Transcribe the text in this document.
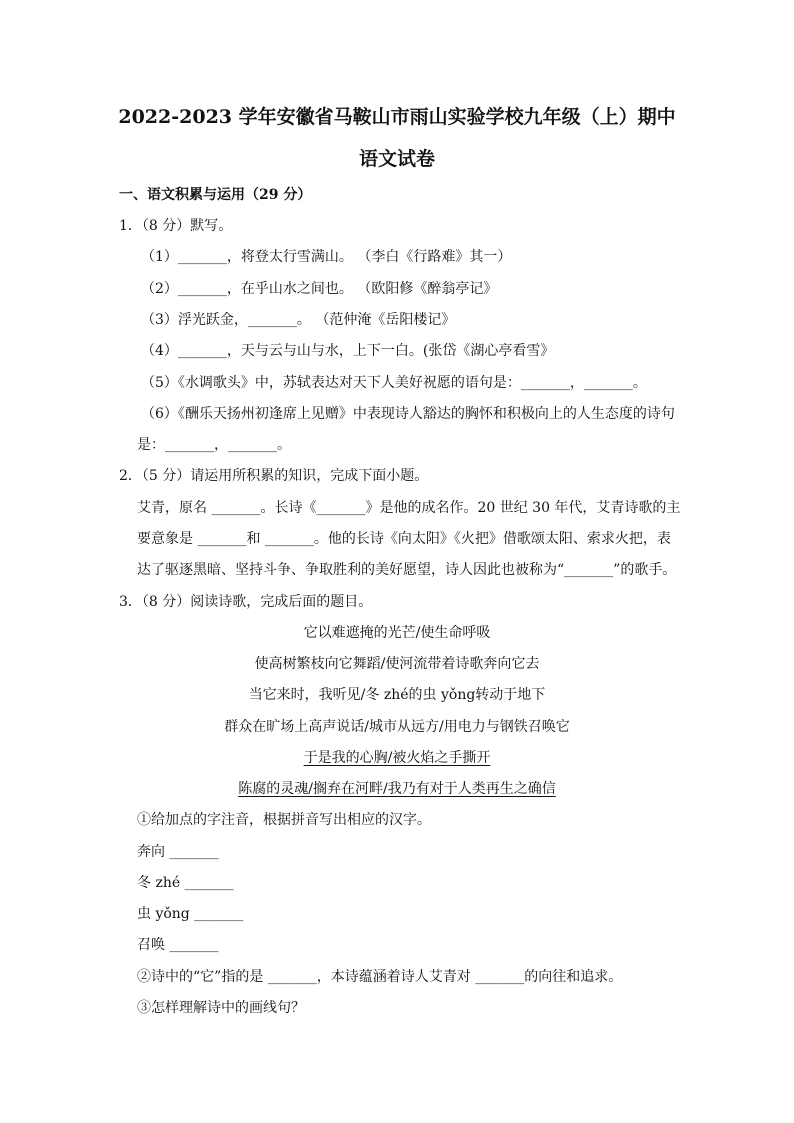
2022-2023 学年安徽省马鞍山市雨山实验学校九年级（上）期中
语文试卷
一、语文积累与运用（29 分）
1．（8 分）默写。
（1）_______，将登太行雪满山。 （李白《行路难》其一）
（2）_______，在乎山水之间也。 （欧阳修《醉翁亭记》
（3）浮光跃金，_______。 （范仲淹《岳阳楼记》
（4）_______，天与云与山与水，上下一白。(张岱《湖心亭看雪》
（5）《水调歌头》中，苏轼表达对天下人美好祝愿的语句是：_______，_______。
（6）《酬乐天扬州初逢席上见赠》中表现诗人豁达的胸怀和积极向上的人生态度的诗句
是：_______，_______。
2．（5 分）请运用所积累的知识，完成下面小题。
艾青，原名 _______。长诗《_______》是他的成名作。20 世纪 30 年代，艾青诗歌的主
要意象是 _______和 _______。他的长诗《向太阳》《火把》借歌颂太阳、索求火把，表
达了驱逐黑暗、坚持斗争、争取胜利的美好愿望，诗人因此也被称为“_______”的歌手。
3．（8 分）阅读诗歌，完成后面的题目。
它以难遮掩的光芒/使生命呼吸
使高树繁枝向它舞蹈/使河流带着诗歌奔向它去
当它来时，我听见/冬 zhé的虫 yǒng转动于地下
群众在旷场上高声说话/城市从远方/用电力与钢铁召唤它
于是我的心胸/被火焰之手撕开
陈腐的灵魂/搁弃在河畔/我乃有对于人类再生之确信
①给加点的字注音，根据拼音写出相应的汉字。
奔向 _______
冬 zhé _______
虫 yǒng _______
召唤 _______
②诗中的“它”指的是 _______，本诗蕴涵着诗人艾青对 _______的向往和追求。
③怎样理解诗中的画线句？
